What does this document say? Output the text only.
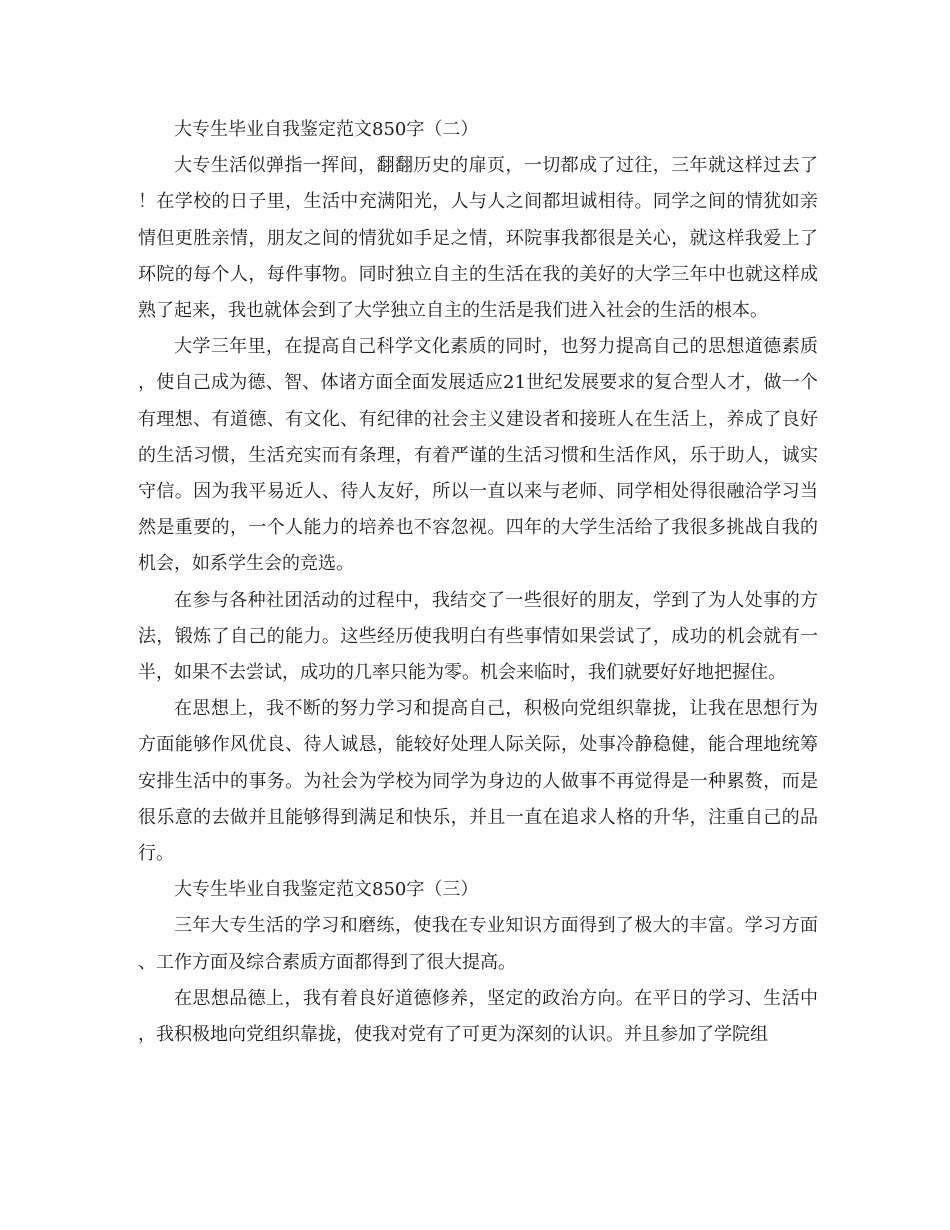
大专生毕业自我鉴定范文850字（二）

大专生活似弹指一挥间，翻翻历史的扉页，一切都成了过往，三年就这样过去了！在学校的日子里，生活中充满阳光，人与人之间都坦诚相待。同学之间的情犹如亲情但更胜亲情，朋友之间的情犹如手足之情，环院事我都很是关心，就这样我爱上了环院的每个人，每件事物。同时独立自主的生活在我的美好的大学三年中也就这样成熟了起来，我也就体会到了大学独立自主的生活是我们进入社会的生活的根本。

大学三年里，在提高自己科学文化素质的同时，也努力提高自己的思想道德素质，使自己成为德、智、体诸方面全面发展适应21世纪发展要求的复合型人才，做一个有理想、有道德、有文化、有纪律的社会主义建设者和接班人在生活上，养成了良好的生活习惯，生活充实而有条理，有着严谨的生活习惯和生活作风，乐于助人，诚实守信。因为我平易近人、待人友好，所以一直以来与老师、同学相处得很融洽学习当然是重要的，一个人能力的培养也不容忽视。四年的大学生活给了我很多挑战自我的机会，如系学生会的竞选。

在参与各种社团活动的过程中，我结交了一些很好的朋友，学到了为人处事的方法，锻炼了自己的能力。这些经历使我明白有些事情如果尝试了，成功的机会就有一半，如果不去尝试，成功的几率只能为零。机会来临时，我们就要好好地把握住。

在思想上，我不断的努力学习和提高自己，积极向党组织靠拢，让我在思想行为方面能够作风优良、待人诚恳，能较好处理人际关际，处事冷静稳健，能合理地统筹安排生活中的事务。为社会为学校为同学为身边的人做事不再觉得是一种累赘，而是很乐意的去做并且能够得到满足和快乐，并且一直在追求人格的升华，注重自己的品行。

大专生毕业自我鉴定范文850字（三）

三年大专生活的学习和磨练，使我在专业知识方面得到了极大的丰富。学习方面、工作方面及综合素质方面都得到了很大提高。

在思想品德上，我有着良好道德修养，坚定的政治方向。在平日的学习、生活中，我积极地向党组织靠拢，使我对党有了可更为深刻的认识。并且参加了学院组
